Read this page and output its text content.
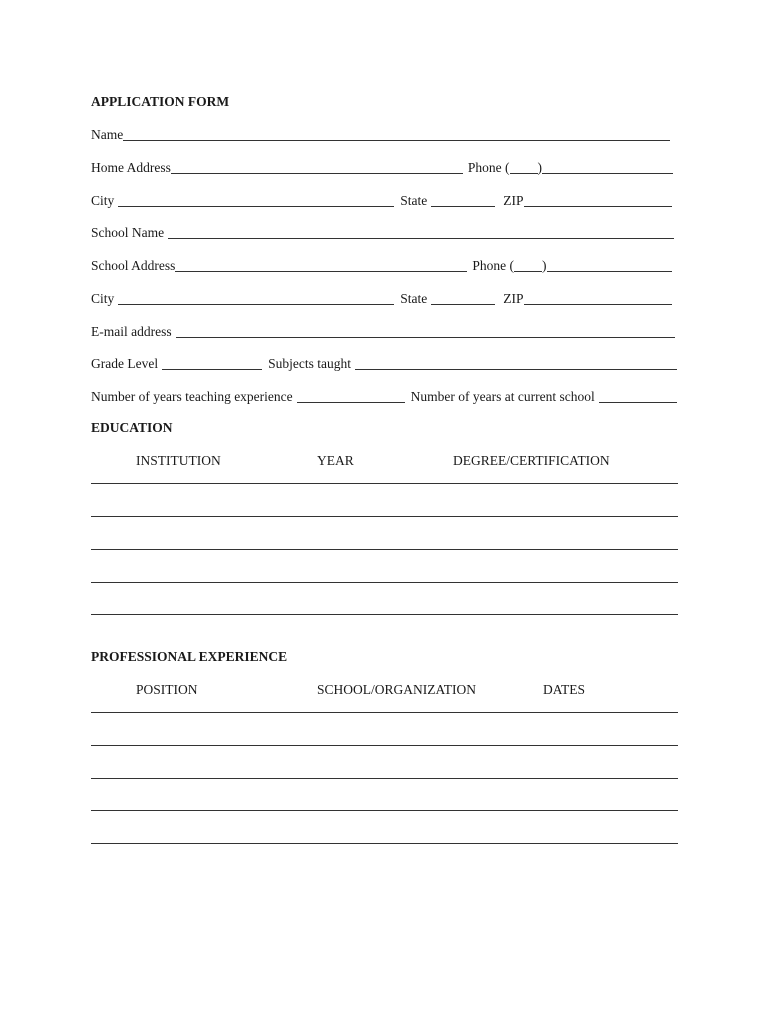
APPLICATION FORM
Name
Home Address	Phone ( )
City	State	ZIP
School Name
School Address	Phone ( )
City	State	ZIP
E-mail address
Grade Level	Subjects taught
Number of years teaching experience	Number of years at current school
EDUCATION
INSTITUTION	YEAR	DEGREE/CERTIFICATION
PROFESSIONAL EXPERIENCE
POSITION	SCHOOL/ORGANIZATION	DATES
